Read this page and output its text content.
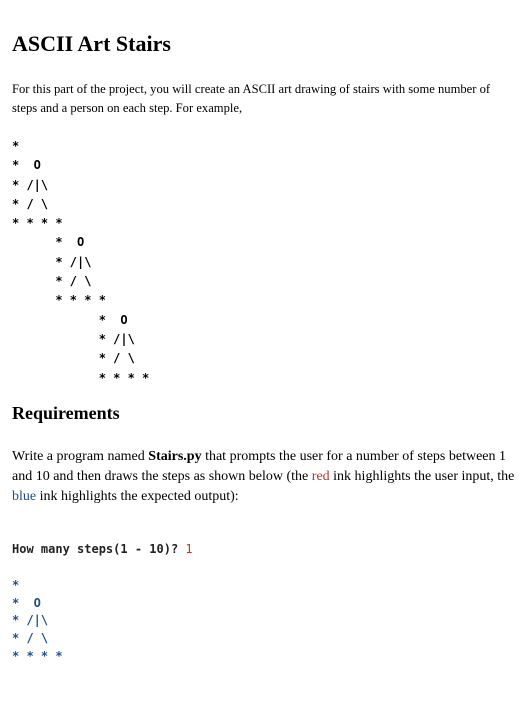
ASCII Art Stairs

For this part of the project, you will create an ASCII art drawing of stairs with some number of steps and a person on each step. For example,

*
*  O
* /|\
* / \
* * * *
*  O
* /|\
* / \
* * * *
*  O
* /|\
* / \
* * * *
Requirements

Write a program named Stairs.py that prompts the user for a number of steps between 1 and 10 and then draws the steps as shown below (the red ink highlights the user input, the blue ink highlights the expected output):

How many steps(1 - 10)? 1
*
*  O
* /|\
* / \
* * * *
